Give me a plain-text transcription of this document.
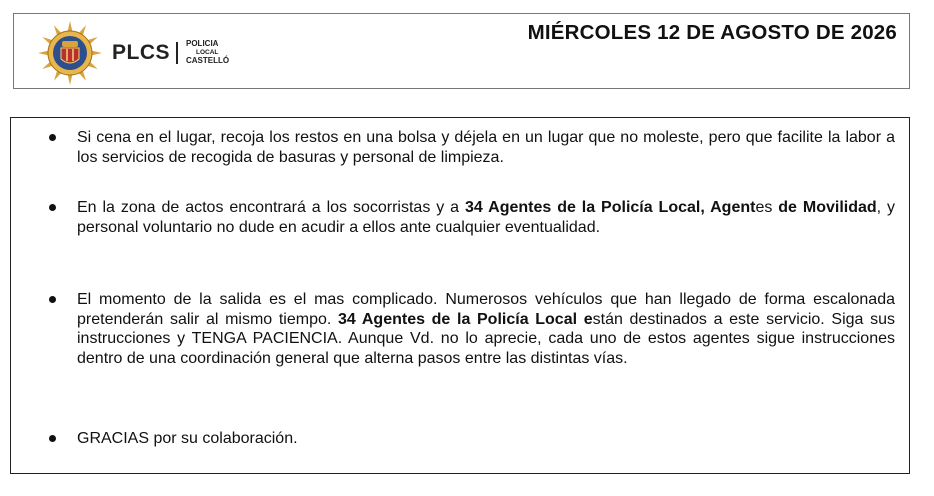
PLCS POLICIA
LOCAL
CASTELLÓ
MIÉRCOLES 12 DE AGOSTO DE 2026
Si cena en el lugar, recoja los restos en una bolsa y déjela en un lugar que no moleste, pero que facilite la labor a los servicios de recogida de basuras y personal de limpieza.
En la zona de actos encontrará a los socorristas y a 34 Agentes de la Policía Local, Agentes de Movilidad, y personal voluntario no dude en acudir a ellos ante cualquier eventualidad.
El momento de la salida es el mas complicado. Numerosos vehículos que han llegado de forma escalonada pretenderán salir al mismo tiempo. 34 Agentes de la Policía Local están destinados a este servicio. Siga sus instrucciones y TENGA PACIENCIA. Aunque Vd. no lo aprecie, cada uno de estos agentes sigue instrucciones dentro de una coordinación general que alterna pasos entre las distintas vías.
GRACIAS por su colaboración.
